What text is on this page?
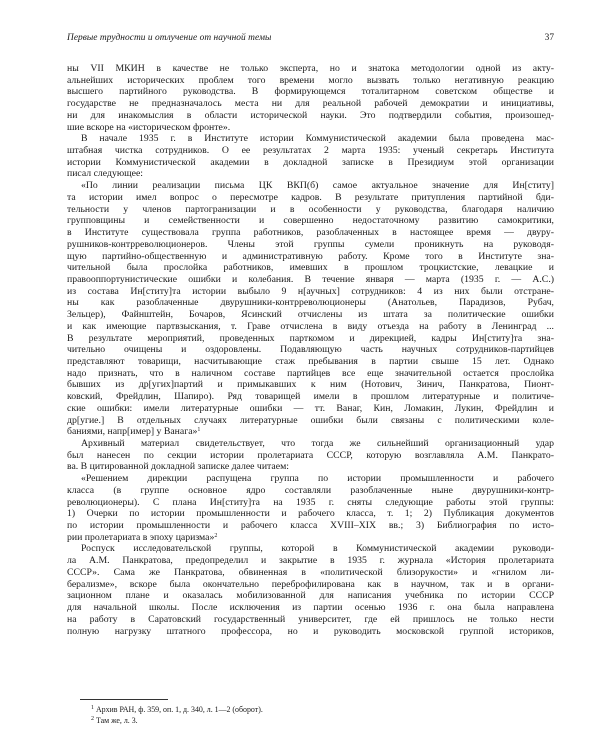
Первые трудности и отлучение от научной темы	37
ны VII МКИН в качестве не только эксперта, но и знатока методологии одной из акту-
альнейших исторических проблем того времени могло вызвать только негативную реакцию
высшего партийного руководства. В формирующемся тоталитарном советском обществе и
государстве не предназначалось места ни для реальной рабочей демократии и инициативы,
ни для инакомыслия в области исторической науки. Это подтвердили события, произошед-
шие вскоре на «историческом фронте».
В начале 1935 г. в Институте истории Коммунистической академии была проведена мас-
штабная чистка сотрудников. О ее результатах 2 марта 1935: ученый секретарь Института
истории Коммунистической академии в докладной записке в Президиум этой организации
писал следующее:
«По линии реализации письма ЦК ВКП(б) самое актуальное значение для Ин[ститу]
та истории имел вопрос о пересмотре кадров. В результате притупления партийной бди-
тельности у членов партогранизации и в особенности у руководства, благодаря наличию
групповщины и семейственности и совершенно недостаточному развитию самокритики,
в Институте существовала группа работников, разоблаченных в настоящее время — двуру-
рушников-контрреволюционеров. Члены этой группы сумели проникнуть на руководя-
щую партийно-общественную и административную работу. Кроме того в Институте зна-
чительной была прослойка работников, имевших в прошлом троцкистские, левацкие и
правооппортунистические ошибки и колебания. В течение января — марта (1935 г. — А.С.)
из состава Ин[ститу]та истории выбыло 9 н[аучных] сотрудников: 4 из них были отстране-
ны как разоблаченные двурушники-контрреволюционеры (Анатольев, Парадизов, Рубач,
Зельцер), Файнштейн, Бочаров, Ясинский отчислены из штата за политические ошибки
и как имеющие партвзыскания, т. Граве отчислена в виду отъезда на работу в Ленинград ...
В результате мероприятий, проведенных парткомом и дирекцией, кадры Ин[ститу]та зна-
чительно очищены и оздоровлены. Подавляющую часть научных сотрудников-партийцев
представляют товарищи, насчитывающие стаж пребывания в партии свыше 15 лет. Однако
надо признать, что в наличном составе партийцев все еще значительной остается прослойка
бывших из др[угих]партий и примыкавших к ним (Нотович, Зинич, Панкратова, Пионт-
ковский, Фрейдлин, Шапиро). Ряд товарищей имели в прошлом литературные и политиче-
ские ошибки: имели литературные ошибки — тт. Ванаг, Кин, Ломакин, Лукин, Фрейдлин и
др[угие.] В отдельных случаях литературные ошибки были связаны с политическими коле-
баниями, напр[имер] у Ванага»$^1$
Архивный материал свидетельствует, что тогда же сильнейший организационный удар
был нанесен по секции истории пролетариата СССР, которую возглавляла А.М. Панкрато-
ва. В цитированной докладной записке далее читаем:
«Решением дирекции распущена группа по истории промышленности и рабочего
класса (в группе основное ядро составляли разоблаченные ныне двурушники-контр-
революционеры). С плана Ин[ститу]та на 1935 г. сняты следующие работы этой группы:
1) Очерки по истории промышленности и рабочего класса, т. 1; 2) Публикация документов
по истории промышленности и рабочего класса XVIII–XIX вв.; 3) Библиография по исто-
рии пролетариата в эпоху царизма»$^2$
Роспуск исследовательской группы, которой в Коммунистической академии руководи-
ла А.М. Панкратова, предопределил и закрытие в 1935 г. журнала «История пролетариата
СССР». Сама же Панкратова, обвиненная в «политической близорукости» и «гнилом ли-
берализме», вскоре была окончательно переброфилирована как в научном, так и в органи-
зационном плане и оказалась мобилизованной для написания учебника по истории СССР
для начальной школы. После исключения из партии осенью 1936 г. она была направлена
на работу в Саратовский государственный университет, где ей пришлось не только нести
полную нагрузку штатного профессора, но и руководить московской группой историков,
$^1$ Архив РАН, ф. 359, оп. 1, д. 340, л. 1—2 (оборот).
$^2$ Там же, л. 3.
